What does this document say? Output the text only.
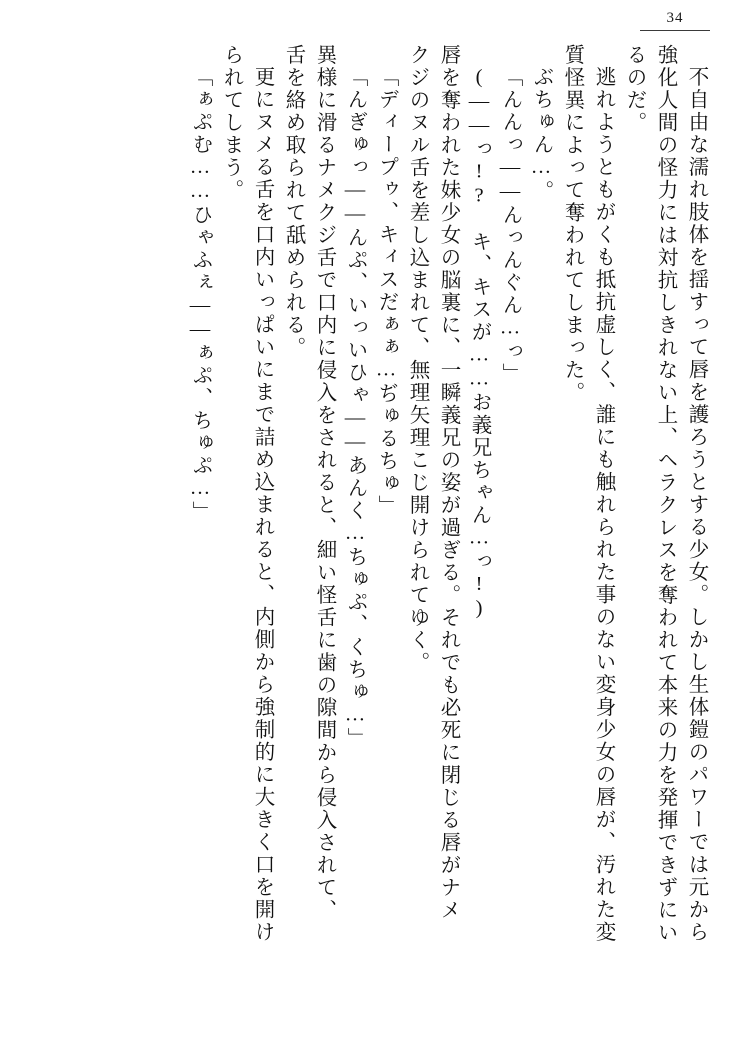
34
不自由な濡れ肢体を揺すって唇を護ろうとする少女。しかし生体鎧のパワーでは元から
強化人間の怪力には対抗しきれない上、ヘラクレスを奪われて本来の力を発揮できずにい
るのだ。
逃れようともがくも抵抗虚しく、誰にも触れられた事のない変身少女の唇が、汚れた変
質怪異によって奪われてしまった。
ぶちゅん…。
「んんっ——んっんぐん…っ」
(——っ!?　キ、キスが……お義兄ちゃん…っ!)
唇を奪われた妹少女の脳裏に、一瞬義兄の姿が過ぎる。それでも必死に閉じる唇がナメ
クジのヌル舌を差し込まれて、無理矢理こじ開けられてゆく。
「ディープゥ、キィスだぁぁ…ぢゅるちゅ」
「んぎゅっ——んぷ、いっいひゃ——あんく…ちゅぷ、くちゅ…」
異様に滑るナメクジ舌で口内に侵入をされると、細い怪舌に歯の隙間から侵入されて、
舌を絡め取られて舐められる。
更にヌメる舌を口内いっぱいにまで詰め込まれると、内側から強制的に大きく口を開け
られてしまう。
「ぁぷむ……ひゃふぇ——ぁぷ、ちゅぷ…」
